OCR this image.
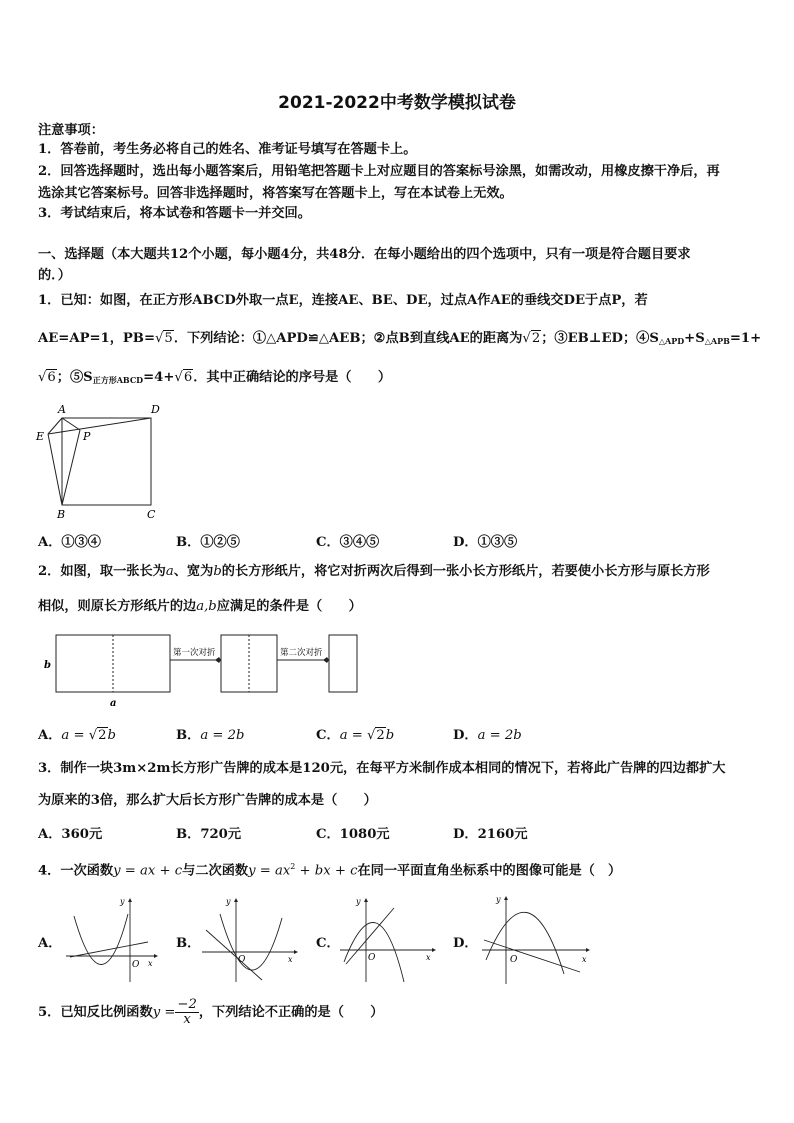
2021-2022中考数学模拟试卷
注意事项：
1．答卷前，考生务必将自己的姓名、准考证号填写在答题卡上。
2．回答选择题时，选出每小题答案后，用铅笔把答题卡上对应题目的答案标号涂黑，如需改动，用橡皮擦干净后，再
选涂其它答案标号。回答非选择题时，将答案写在答题卡上，写在本试卷上无效。
3．考试结束后，将本试卷和答题卡一并交回。
一、选择题（本大题共12个小题，每小题4分，共48分．在每小题给出的四个选项中，只有一项是符合题目要求
的．）
1．已知：如图，在正方形ABCD外取一点E，连接AE、BE、DE，过点A作AE的垂线交DE于点P，若
AE=AP=1，PB=√5．下列结论：①△APD≌△AEB；②点B到直线AE的距离为√2；③EB⊥ED；$④S_{\triangle APD}+S_{\triangle APB}=1+$
√6；$⑤S_{正方形ABCD}=4+√6$．其中正确结论的序号是（　　）
A	D
E	P
B	C
A．①③④	B．①②⑤	C．③④⑤	D．①③⑤
2．如图，取一张长为a、宽为b的长方形纸片，将它对折两次后得到一张小长方形纸片，若要使小长方形与原长方形
相似，则原长方形纸片的边a,b应满足的条件是（　　）
b
a
第一次对折	第二次对折
A．a = √2b	B．a = 2b	C．a = √2b	D．a = 2b
3．制作一块3m×2m长方形广告牌的成本是120元，在每平方米制作成本相同的情况下，若将此广告牌的四边都扩大
为原来的3倍，那么扩大后长方形广告牌的成本是（　　）
A．360元	B．720元	C．1080元	D．2160元
4．一次函数y = ax + c与二次函数$y = ax^2$ + bx + c在同一平面直角坐标系中的图像可能是（　）
A．	B．	C．	D．
y
x
O
y
x
O
y
x
O
y
x
O
5．已知反比例函数$y = \frac{-2}{x}$ ，下列结论不正确的是（　　）
